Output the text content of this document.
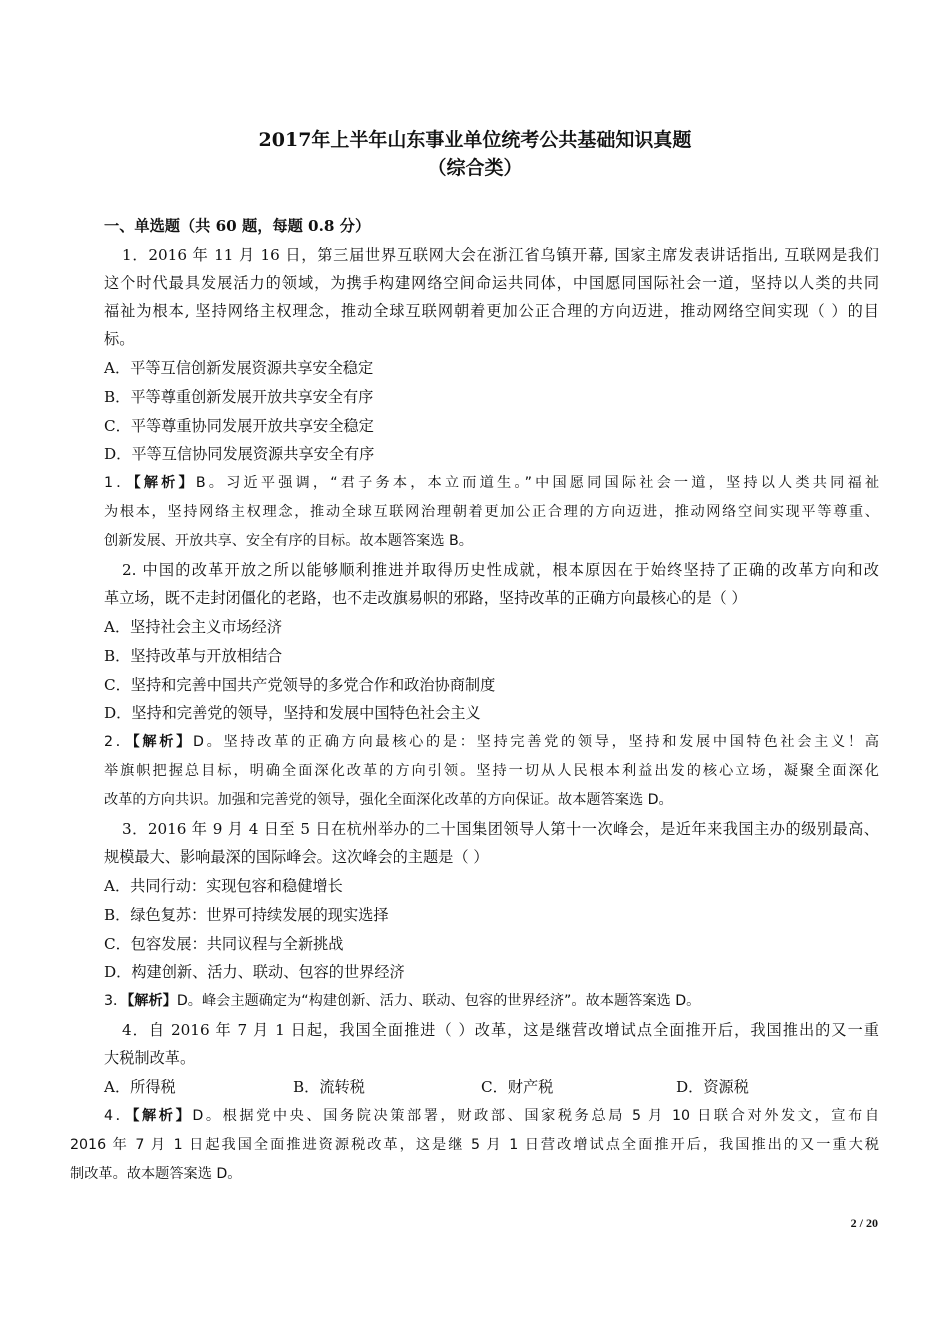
2017年上半年山东事业单位统考公共基础知识真题
（综合类）
一、单选题（共 60 题，每题 0.8 分）
1．2016 年 11 月 16 日，第三届世界互联网大会在浙江省乌镇开幕, 国家主席发表讲话指出, 互联网是我们
这个时代最具发展活力的领域，为携手构建网络空间命运共同体，中国愿同国际社会一道，坚持以人类的共同
福祉为根本, 坚持网络主权理念，推动全球互联网朝着更加公正合理的方向迈进，推动网络空间实现（ ）的目
标。
A．平等互信创新发展资源共享安全稳定
B．平等尊重创新发展开放共享安全有序
C．平等尊重协同发展开放共享安全稳定
D．平等互信协同发展资源共享安全有序
1．【解析】B。习近平强调，“君子务本，本立而道生。”中国愿同国际社会一道，坚持以人类共同福祉
为根本，坚持网络主权理念，推动全球互联网治理朝着更加公正合理的方向迈进，推动网络空间实现平等尊重、
创新发展、开放共享、安全有序的目标。故本题答案选 B。
2. 中国的改革开放之所以能够顺利推进并取得历史性成就，根本原因在于始终坚持了正确的改革方向和改
革立场，既不走封闭僵化的老路，也不走改旗易帜的邪路，坚持改革的正确方向最核心的是（ ）
A．坚持社会主义市场经济
B．坚持改革与开放相结合
C．坚持和完善中国共产党领导的多党合作和政治协商制度
D．坚持和完善党的领导，坚持和发展中国特色社会主义
2．【解析】D。坚持改革的正确方向最核心的是：坚持完善党的领导，坚持和发展中国特色社会主义！高
举旗帜把握总目标，明确全面深化改革的方向引领。坚持一切从人民根本利益出发的核心立场，凝聚全面深化
改革的方向共识。加强和完善党的领导，强化全面深化改革的方向保证。故本题答案选 D。
3．2016 年 9 月 4 日至 5 日在杭州举办的二十国集团领导人第十一次峰会，是近年来我国主办的级别最高、
规模最大、影响最深的国际峰会。这次峰会的主题是（ ）
A．共同行动：实现包容和稳健增长
B．绿色复苏：世界可持续发展的现实选择
C．包容发展：共同议程与全新挑战
D．构建创新、活力、联动、包容的世界经济
3．【解析】D。峰会主题确定为“构建创新、活力、联动、包容的世界经济”。故本题答案选 D。
4．自 2016 年 7 月 1 日起，我国全面推进（ ）改革，这是继营改增试点全面推开后，我国推出的又一重
大税制改革。
A．所得税	B．流转税	C．财产税	D．资源税
4．【解析】D。根据党中央、国务院决策部署，财政部、国家税务总局 5 月 10 日联合对外发文，宣布自
2016 年 7 月 1 日起我国全面推进资源税改革，这是继 5 月 1 日营改增试点全面推开后，我国推出的又一重大税
制改革。故本题答案选 D。
2 / 20
